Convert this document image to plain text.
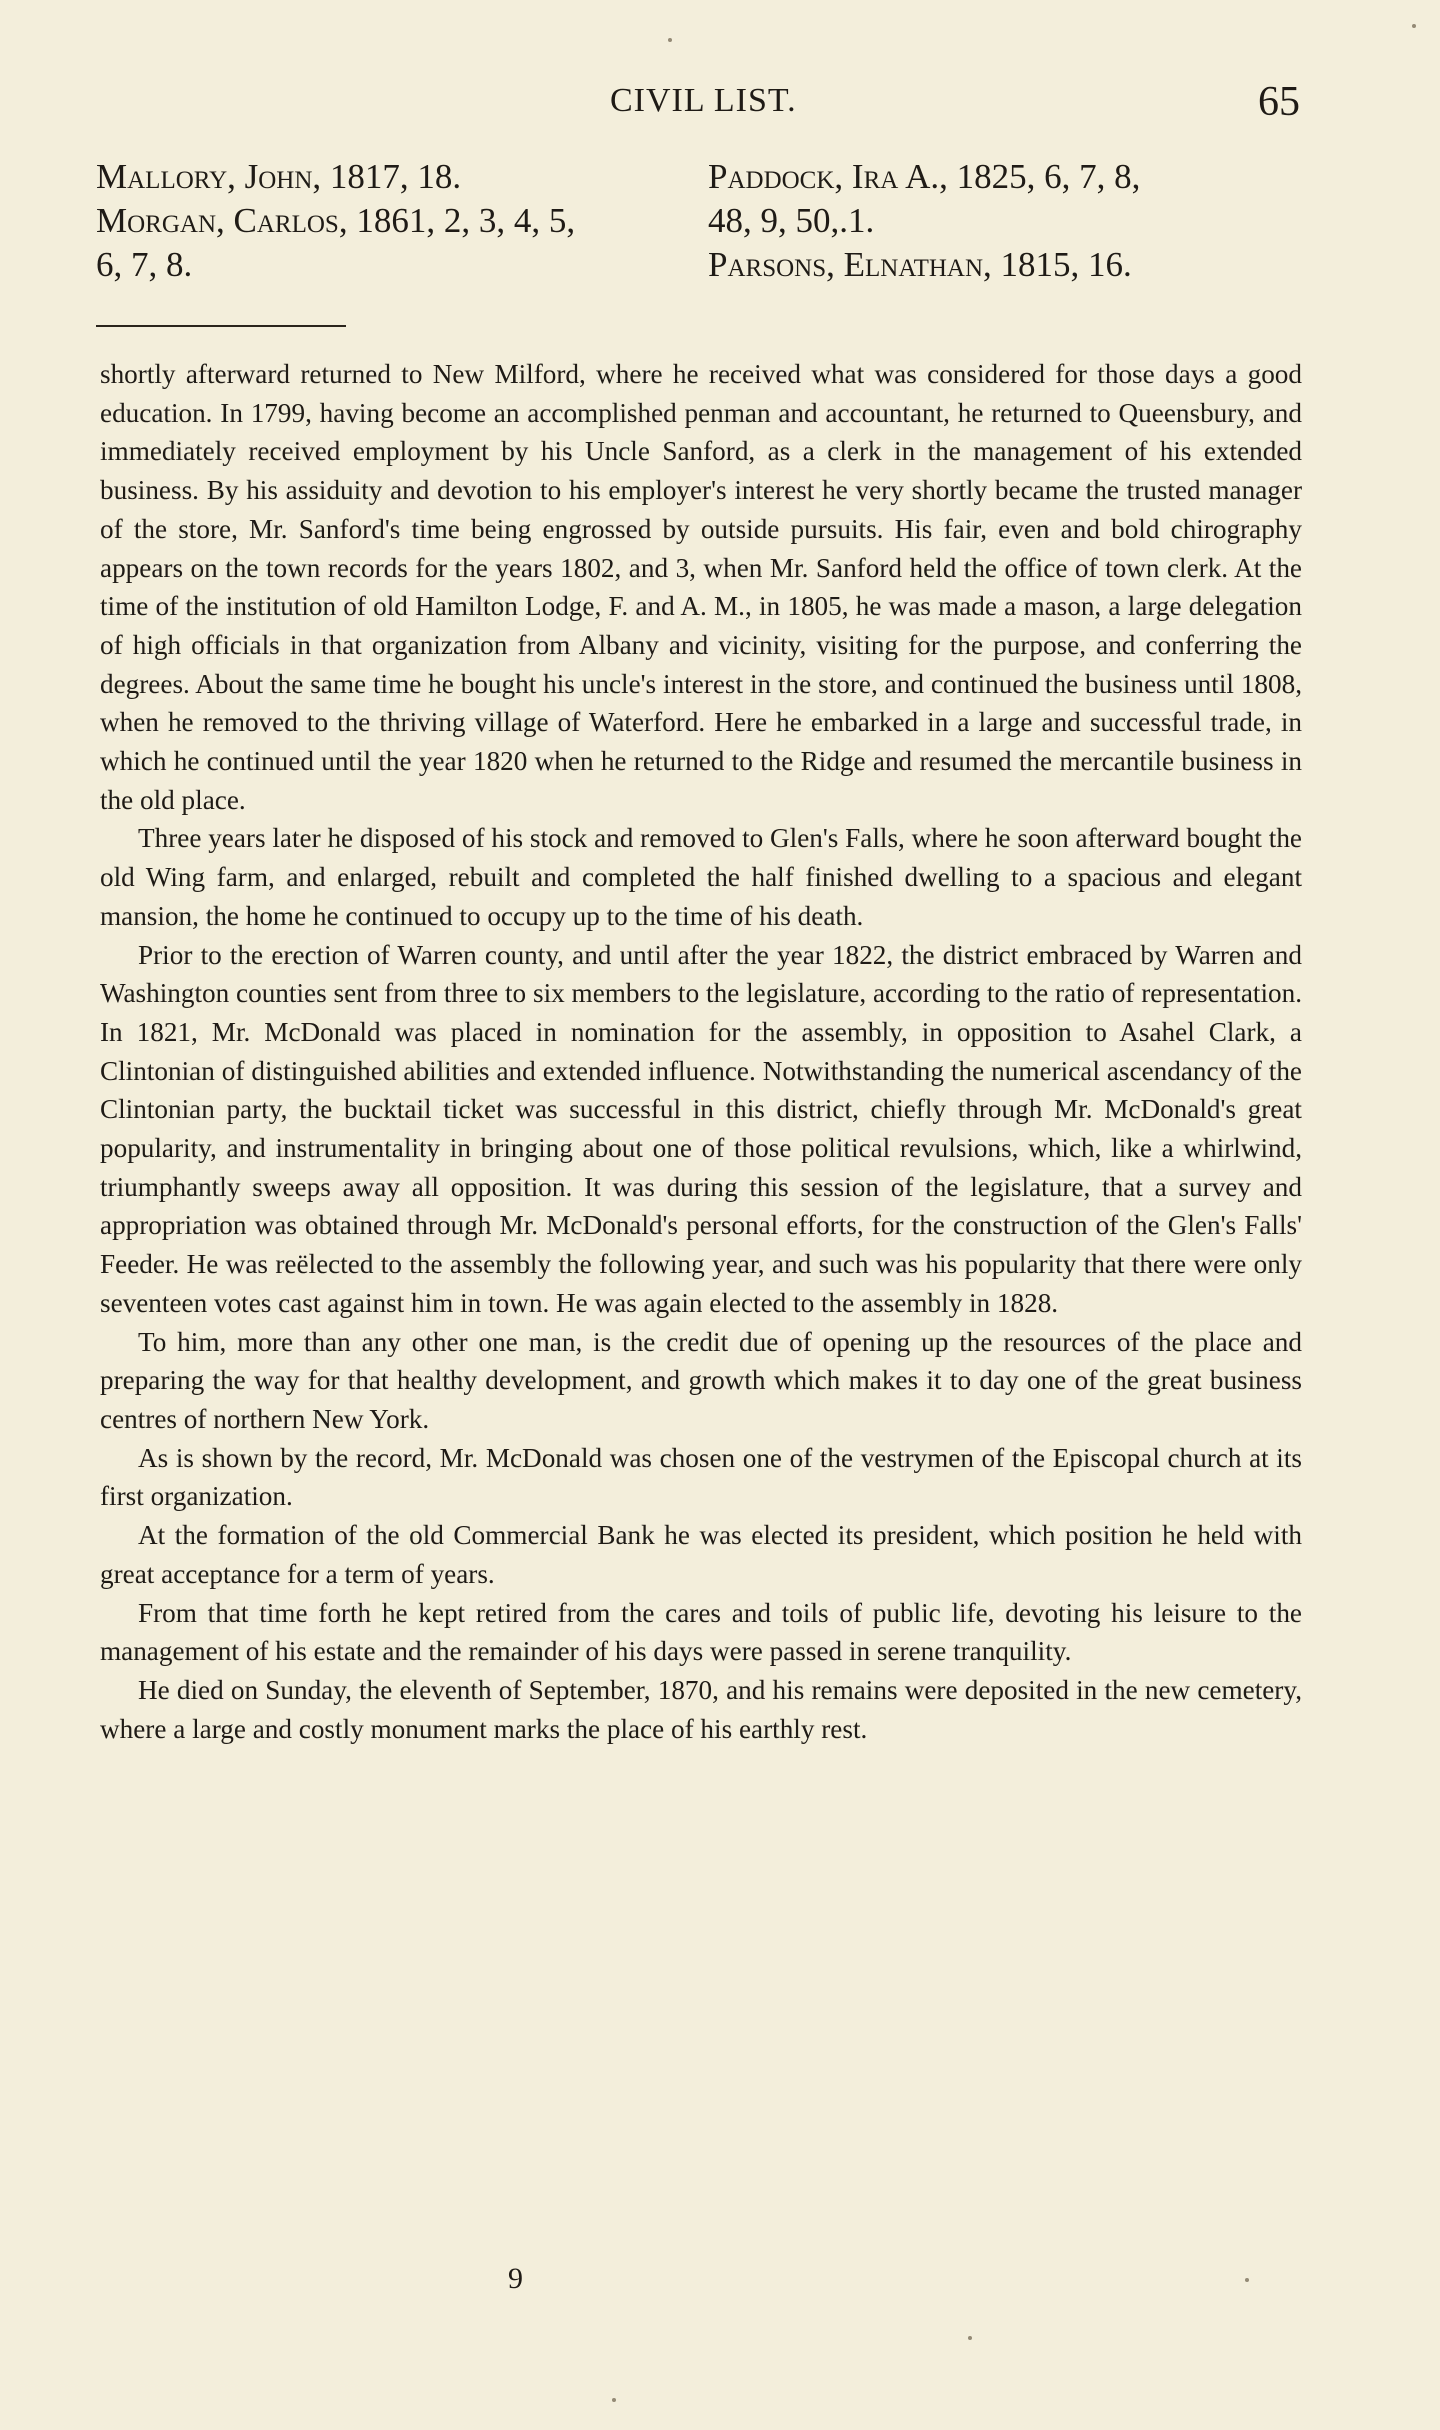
CIVIL LIST.	65
Mallory, John, 1817, 18.
Morgan, Carlos, 1861, 2, 3, 4, 5,
6, 7, 8.
Paddock, Ira A., 1825, 6, 7, 8,
48, 9, 50,.1.
Parsons, Elnathan, 1815, 16.

shortly afterward returned to New Milford, where he received what was considered for those days a good education. In 1799, having become an accomplished penman and accountant, he returned to Queensbury, and immediately received employment by his Uncle Sanford, as a clerk in the management of his extended business. By his assiduity and devotion to his employer's interest he very shortly became the trusted manager of the store, Mr. Sanford's time being engrossed by outside pursuits. His fair, even and bold chirography appears on the town records for the years 1802, and 3, when Mr. Sanford held the office of town clerk. At the time of the institution of old Hamilton Lodge, F. and A. M., in 1805, he was made a mason, a large delegation of high officials in that organization from Albany and vicinity, visiting for the purpose, and conferring the degrees. About the same time he bought his uncle's interest in the store, and continued the business until 1808, when he removed to the thriving village of Waterford. Here he embarked in a large and successful trade, in which he continued until the year 1820 when he returned to the Ridge and resumed the mercantile business in the old place.

Three years later he disposed of his stock and removed to Glen's Falls, where he soon afterward bought the old Wing farm, and enlarged, rebuilt and completed the half finished dwelling to a spacious and elegant mansion, the home he continued to occupy up to the time of his death.

Prior to the erection of Warren county, and until after the year 1822, the district embraced by Warren and Washington counties sent from three to six members to the legislature, according to the ratio of representation. In 1821, Mr. McDonald was placed in nomination for the assembly, in opposition to Asahel Clark, a Clintonian of distinguished abilities and extended influence. Notwithstanding the numerical ascendancy of the Clintonian party, the bucktail ticket was successful in this district, chiefly through Mr. McDonald's great popularity, and instrumentality in bringing about one of those political revulsions, which, like a whirlwind, triumphantly sweeps away all opposition. It was during this session of the legislature, that a survey and appropriation was obtained through Mr. McDonald's personal efforts, for the construction of the Glen's Falls' Feeder. He was reëlected to the assembly the following year, and such was his popularity that there were only seventeen votes cast against him in town. He was again elected to the assembly in 1828.

To him, more than any other one man, is the credit due of opening up the resources of the place and preparing the way for that healthy development, and growth which makes it to day one of the great business centres of northern New York.

As is shown by the record, Mr. McDonald was chosen one of the vestrymen of the Episcopal church at its first organization.

At the formation of the old Commercial Bank he was elected its president, which position he held with great acceptance for a term of years.

From that time forth he kept retired from the cares and toils of public life, devoting his leisure to the management of his estate and the remainder of his days were passed in serene tranquility.

He died on Sunday, the eleventh of September, 1870, and his remains were deposited in the new cemetery, where a large and costly monument marks the place of his earthly rest.

9
